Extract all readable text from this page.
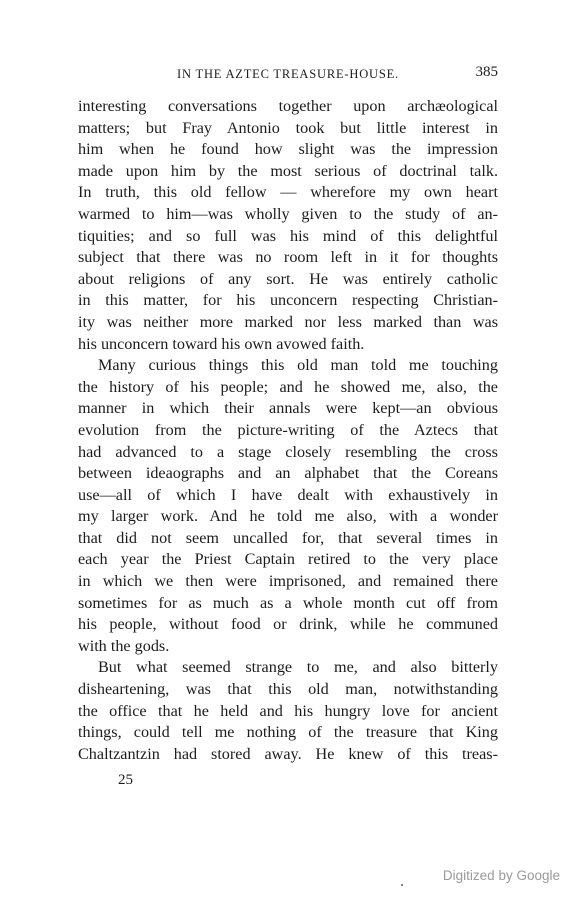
IN THE AZTEC TREASURE-HOUSE.	385
interesting conversations together upon archæological
matters; but Fray Antonio took but little interest in
him when he found how slight was the impression
made upon him by the most serious of doctrinal talk.
In truth, this old fellow — wherefore my own heart
warmed to him—was wholly given to the study of an-
tiquities; and so full was his mind of this delightful
subject that there was no room left in it for thoughts
about religions of any sort. He was entirely catholic
in this matter, for his unconcern respecting Christian-
ity was neither more marked nor less marked than was
his unconcern toward his own avowed faith.
Many curious things this old man told me touching
the history of his people; and he showed me, also, the
manner in which their annals were kept—an obvious
evolution from the picture-writing of the Aztecs that
had advanced to a stage closely resembling the cross
between ideaographs and an alphabet that the Coreans
use—all of which I have dealt with exhaustively in
my larger work. And he told me also, with a wonder
that did not seem uncalled for, that several times in
each year the Priest Captain retired to the very place
in which we then were imprisoned, and remained there
sometimes for as much as a whole month cut off from
his people, without food or drink, while he communed
with the gods.
But what seemed strange to me, and also bitterly
disheartening, was that this old man, notwithstanding
the office that he held and his hungry love for ancient
things, could tell me nothing of the treasure that King
Chaltzantzin had stored away. He knew of this treas-
25
Digitized by Google
